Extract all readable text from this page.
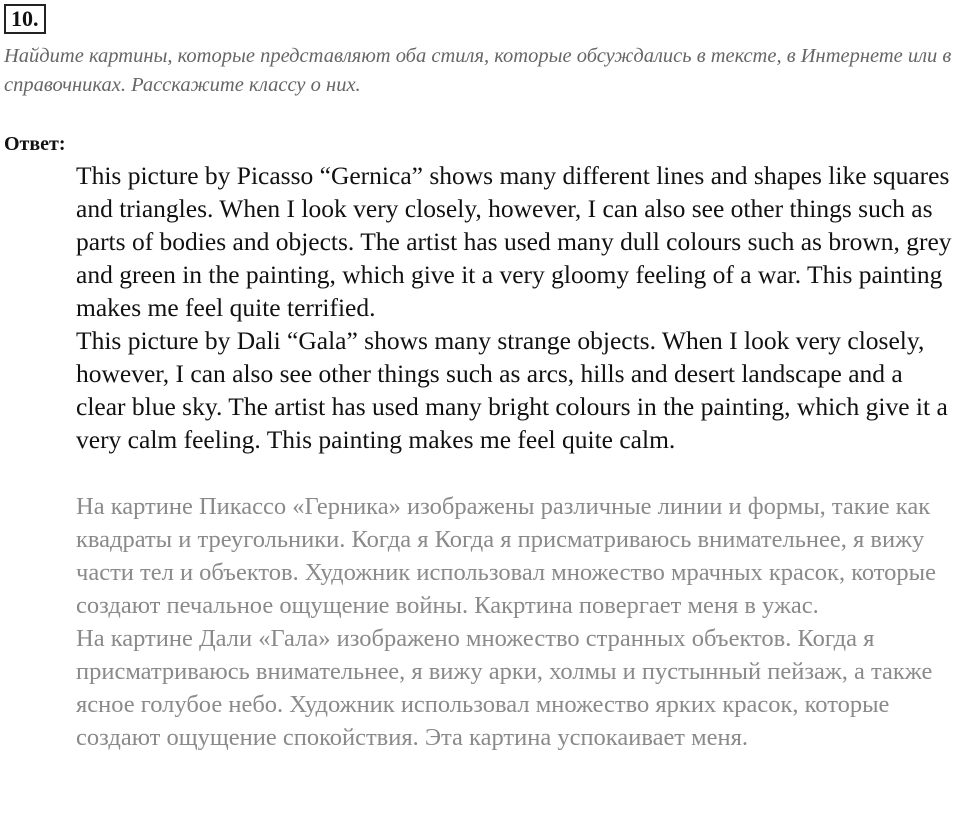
10.

Найдите картины, которые представляют оба стиля, которые обсуждались в тексте, в Интернете или в справочниках. Расскажите классу о них.

Ответ:

This picture by Picasso “Gernica” shows many different lines and shapes like squares and triangles. When I look very closely, however, I can also see other things such as parts of bodies and objects. The artist has used many dull colours such as brown, grey and green in the painting, which give it a very gloomy feeling of a war. This painting makes me feel quite terrified.

This picture by Dali “Gala” shows many strange objects. When I look very closely, however, I can also see other things such as arcs, hills and desert landscape and a clear blue sky. The artist has used many bright colours in the painting, which give it a very calm feeling. This painting makes me feel quite calm.

На картине Пикассо «Герника» изображены различные линии и формы, такие как квадраты и треугольники. Когда я Когда я присматриваюсь внимательнее, я вижу части тел и объектов. Художник использовал множество мрачных красок, которые создают печальное ощущение войны. Какртина повергает меня в ужас.

На картине Дали «Гала» изображено множество странных объектов. Когда я присматриваюсь внимательнее, я вижу арки, холмы и пустынный пейзаж, а также ясное голубое небо. Художник использовал множество ярких красок, которые создают ощущение спокойствия. Эта картина успокаивает меня.
